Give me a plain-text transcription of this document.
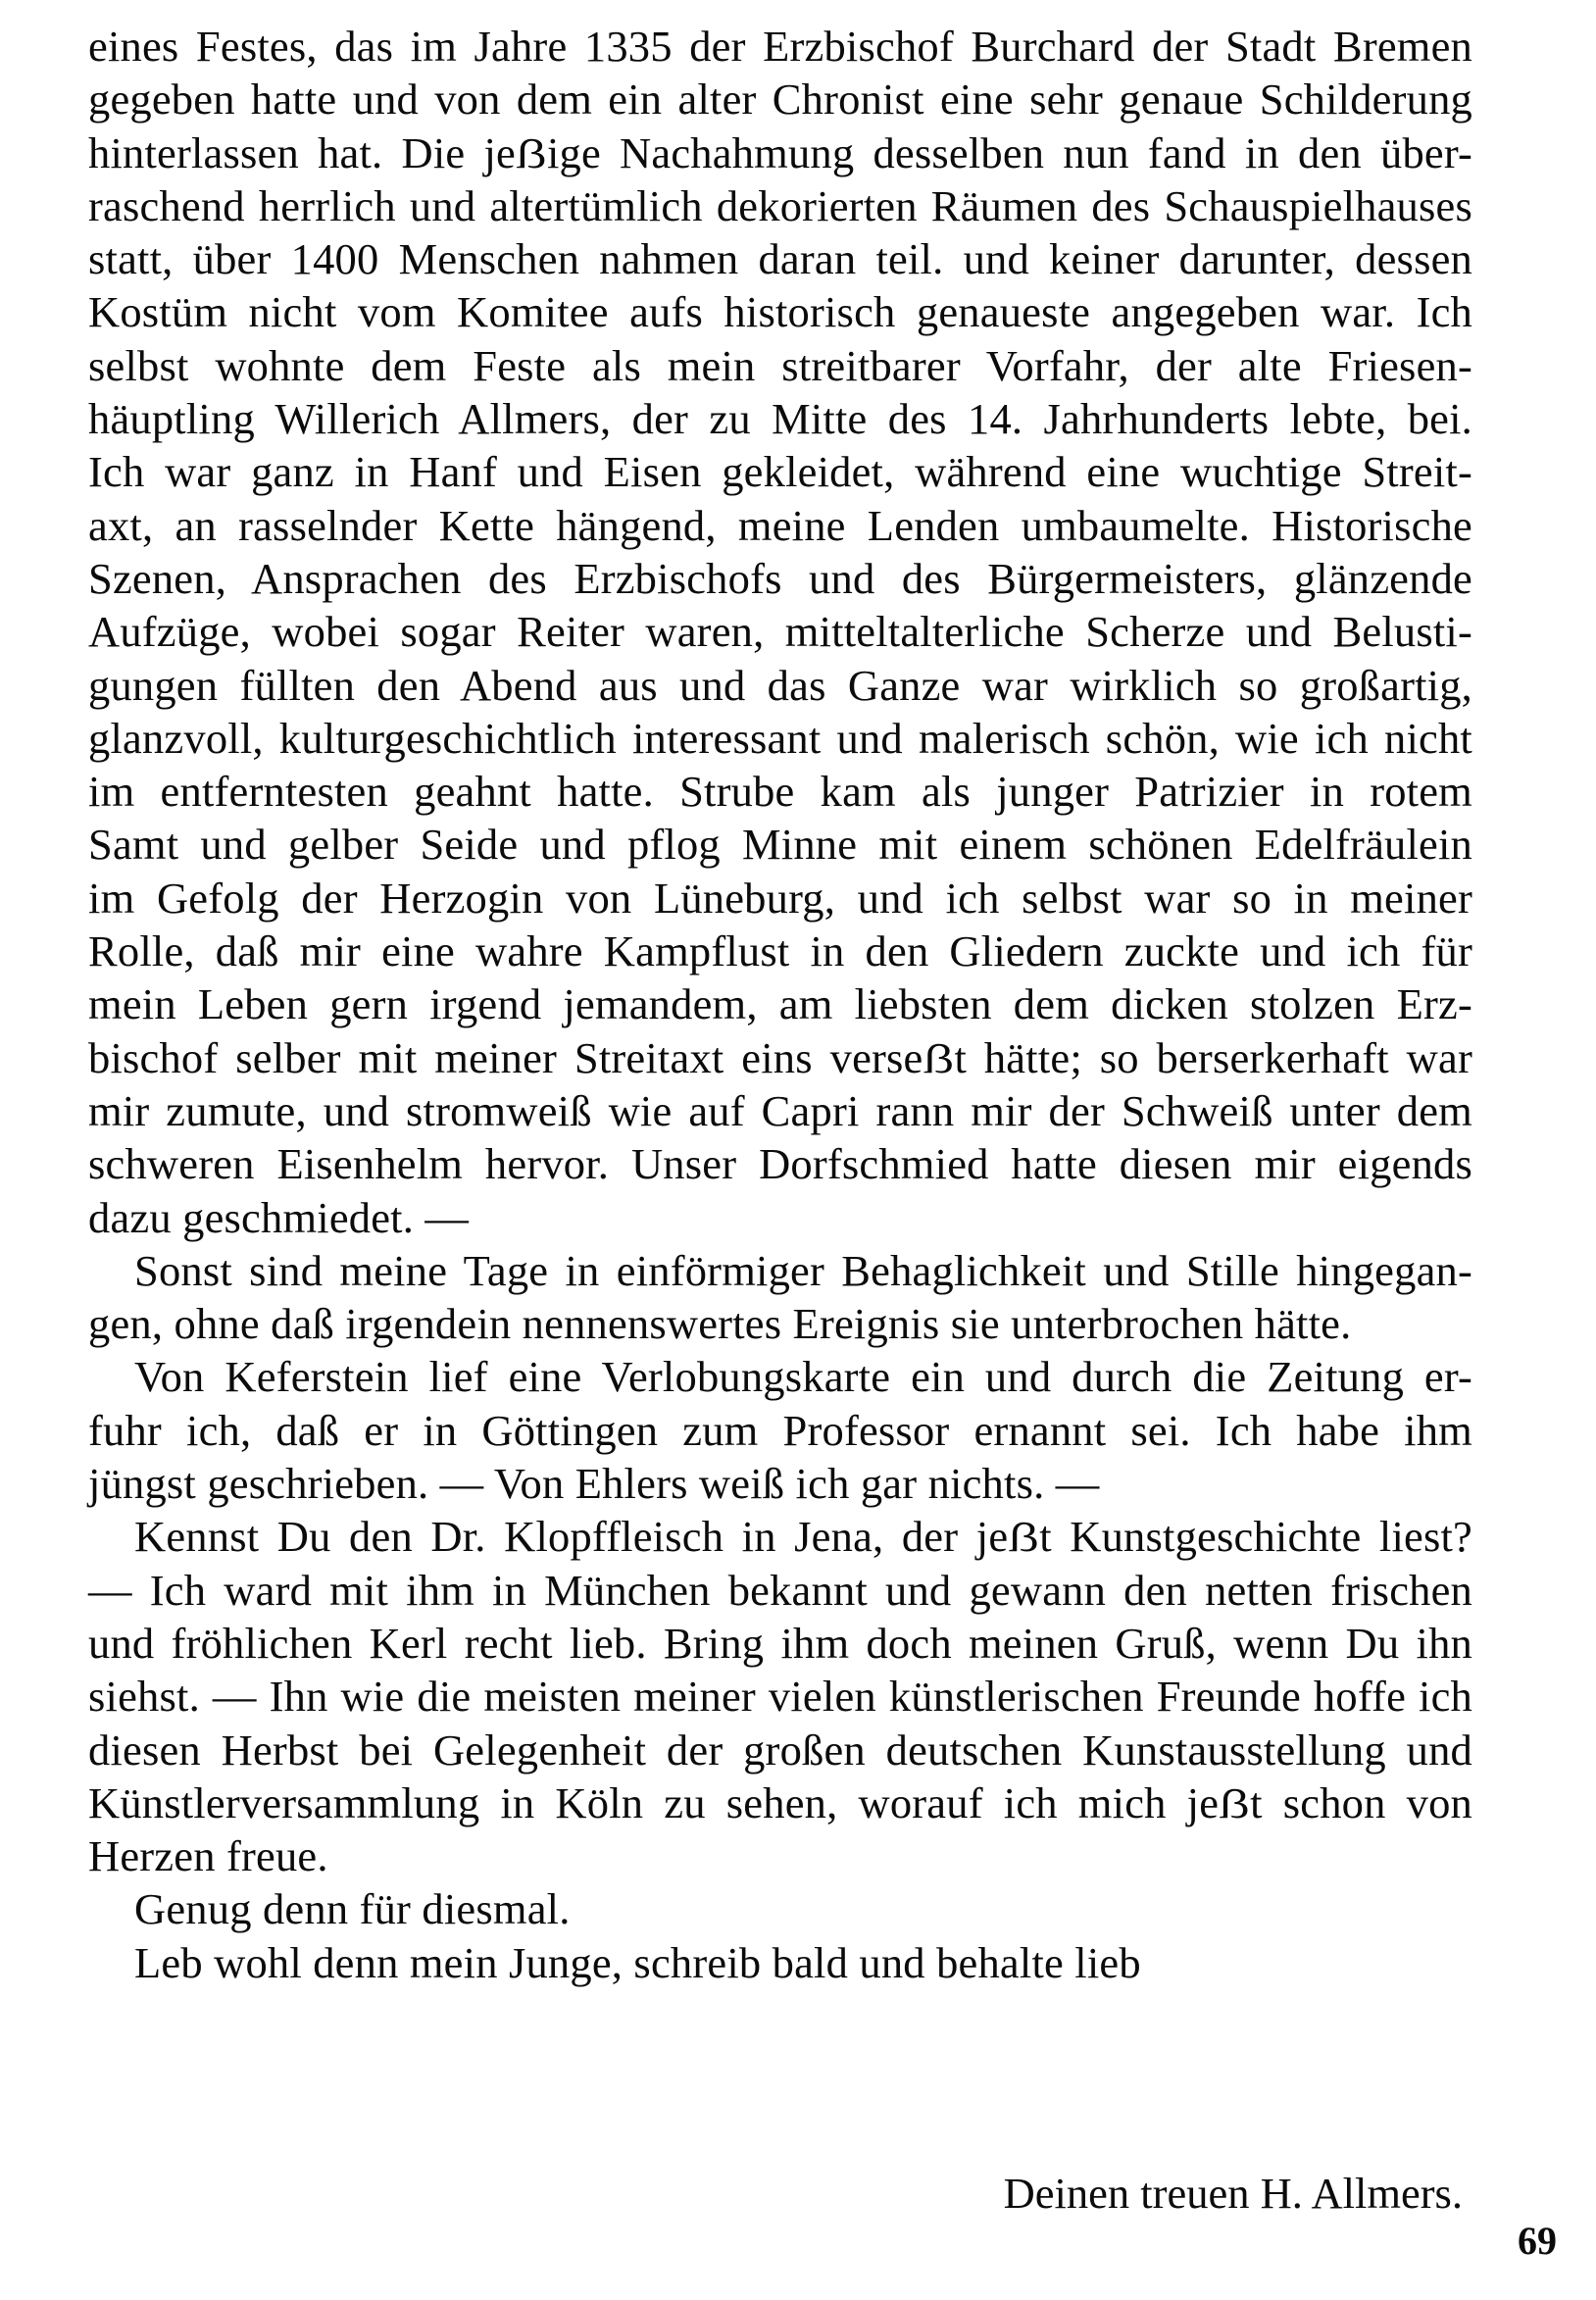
eines Festes, das im Jahre 1335 der Erzbischof Burchard der Stadt Bremen
gegeben hatte und von dem ein alter Chronist eine sehr genaue Schilderung
hinterlassen hat. Die jeẞige Nachahmung desselben nun fand in den über-
raschend herrlich und altertümlich dekorierten Räumen des Schauspielhauses
statt, über 1400 Menschen nahmen daran teil. und keiner darunter, dessen
Kostüm nicht vom Komitee aufs historisch genaueste angegeben war. Ich
selbst wohnte dem Feste als mein streitbarer Vorfahr, der alte Friesen-
häuptling Willerich Allmers, der zu Mitte des 14. Jahrhunderts lebte, bei.
Ich war ganz in Hanf und Eisen gekleidet, während eine wuchtige Streit-
axt, an rasselnder Kette hängend, meine Lenden umbaumelte. Historische
Szenen, Ansprachen des Erzbischofs und des Bürgermeisters, glänzende
Aufzüge, wobei sogar Reiter waren, mitteltalterliche Scherze und Belusti-
gungen füllten den Abend aus und das Ganze war wirklich so großartig,
glanzvoll, kulturgeschichtlich interessant und malerisch schön, wie ich nicht
im entferntesten geahnt hatte. Strube kam als junger Patrizier in rotem
Samt und gelber Seide und pflog Minne mit einem schönen Edelfräulein
im Gefolg der Herzogin von Lüneburg, und ich selbst war so in meiner
Rolle, daß mir eine wahre Kampflust in den Gliedern zuckte und ich für
mein Leben gern irgend jemandem, am liebsten dem dicken stolzen Erz-
bischof selber mit meiner Streitaxt eins verseẞt hätte; so berserkerhaft war
mir zumute, und stromweiß wie auf Capri rann mir der Schweiß unter dem
schweren Eisenhelm hervor. Unser Dorfschmied hatte diesen mir eigends
dazu geschmiedet. —
Sonst sind meine Tage in einförmiger Behaglichkeit und Stille hingegan-
gen, ohne daß irgendein nennenswertes Ereignis sie unterbrochen hätte.
Von Keferstein lief eine Verlobungskarte ein und durch die Zeitung er-
fuhr ich, daß er in Göttingen zum Professor ernannt sei. Ich habe ihm
jüngst geschrieben. — Von Ehlers weiß ich gar nichts. —
Kennst Du den Dr. Klopffleisch in Jena, der jeẞt Kunstgeschichte liest?
— Ich ward mit ihm in München bekannt und gewann den netten frischen
und fröhlichen Kerl recht lieb. Bring ihm doch meinen Gruß, wenn Du ihn
siehst. — Ihn wie die meisten meiner vielen künstlerischen Freunde hoffe ich
diesen Herbst bei Gelegenheit der großen deutschen Kunstausstellung und
Künstlerversammlung in Köln zu sehen, worauf ich mich jeẞt schon von
Herzen freue.
Genug denn für diesmal.
Leb wohl denn mein Junge, schreib bald und behalte lieb
Deinen treuen H. Allmers.
69
